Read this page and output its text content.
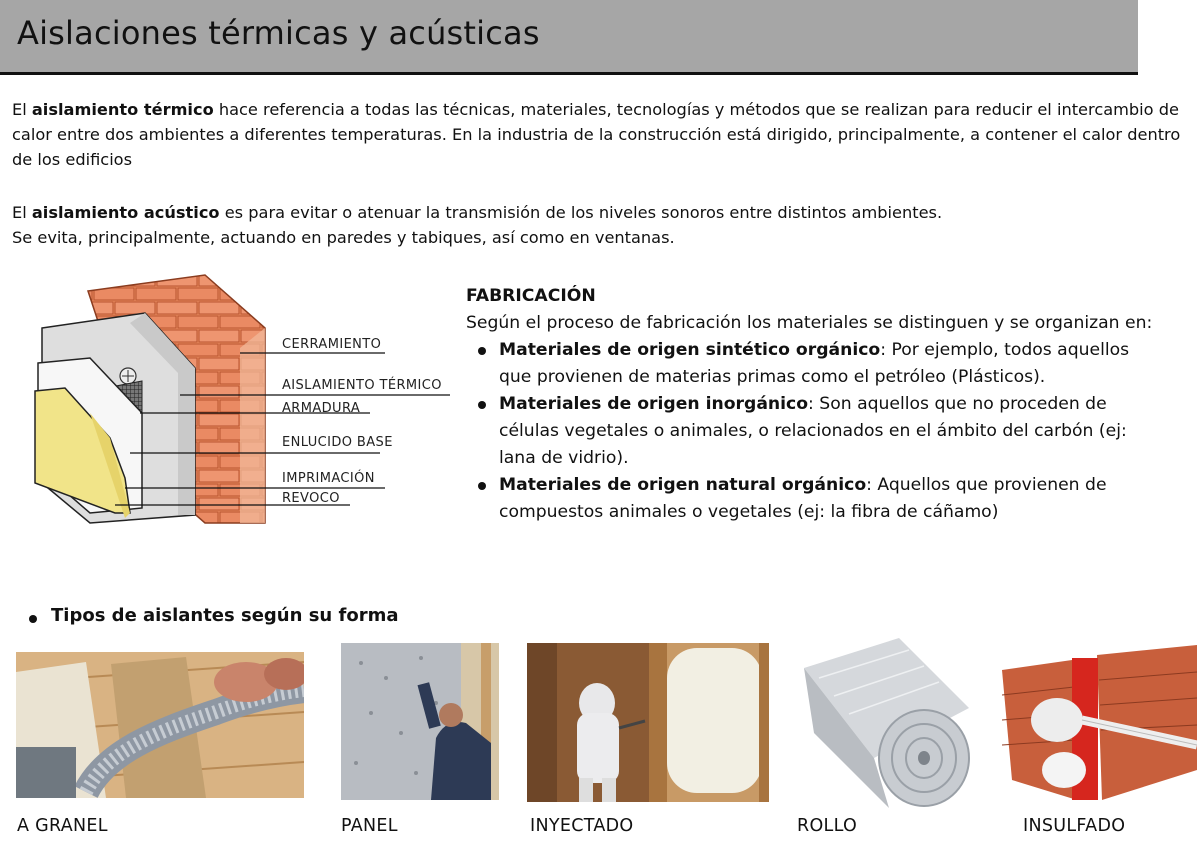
Aislaciones térmicas y acústicas

El aislamiento térmico hace referencia a todas las técnicas, materiales, tecnologías y métodos que se realizan para reducir el intercambio de calor entre dos ambientes a diferentes temperaturas. En la industria de la construcción está dirigido, principalmente, a contener el calor dentro de los edificios

El aislamiento acústico es para evitar o atenuar la transmisión de los niveles sonoros entre distintos ambientes.
Se evita, principalmente, actuando en paredes y tabiques, así como en ventanas.
CERRAMIENTO
AISLAMIENTO TÉRMICO
ARMADURA
ENLUCIDO BASE
IMPRIMACIÓN
REVOCO
FABRICACIÓN
Según el proceso de fabricación los materiales se distinguen y se organizan en:
Materiales de origen sintético orgánico: Por ejemplo, todos aquellos que provienen de materias primas como el petróleo (Plásticos).
Materiales de origen inorgánico: Son aquellos que no proceden de células vegetales o animales, o relacionados en el ámbito del carbón (ej: lana de vidrio).
Materiales de origen natural orgánico: Aquellos que provienen de compuestos animales o vegetales (ej: la fibra de cáñamo)
Tipos de aislantes según su forma
A GRANEL	PANEL	INYECTADO	ROLLO	INSULFADO
